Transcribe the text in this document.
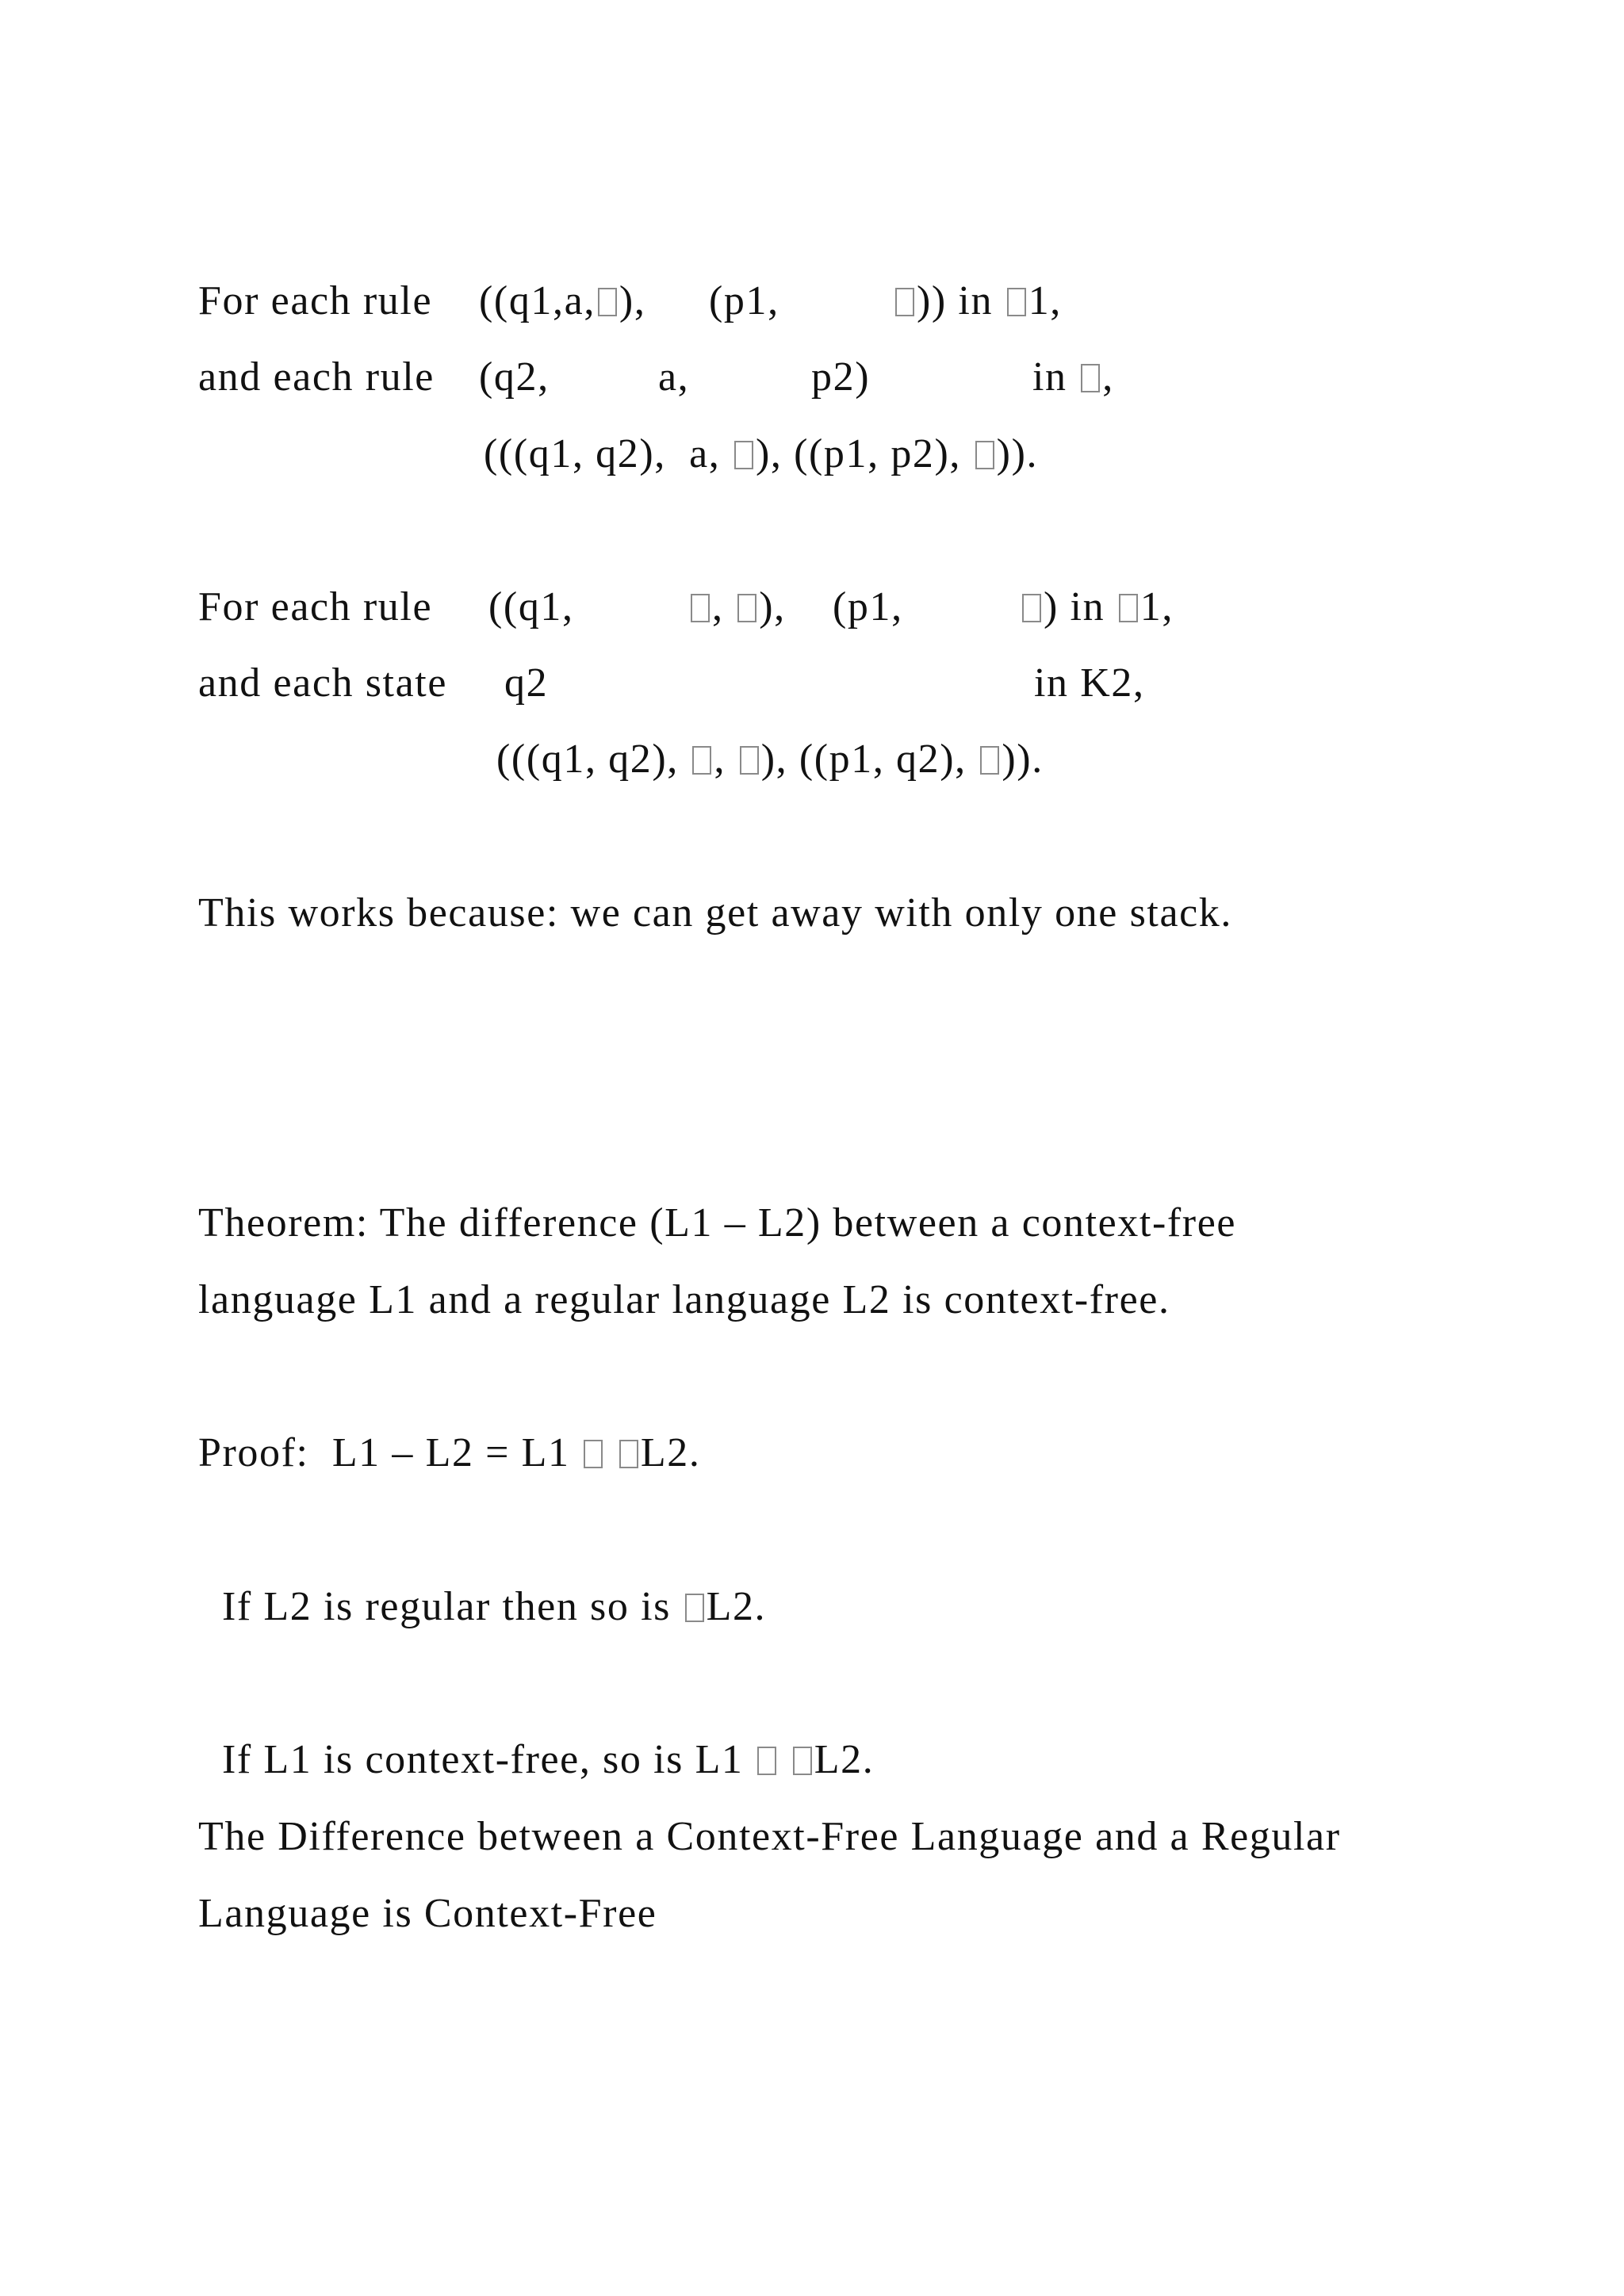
For each rule ((q1,a, ), (p1,	)) in 1,

and each rule (q2,	a,	p2)	in ,

(((q1, q2), a, ), ((p1, p2), )).

For each rule ((q1,	, ), (p1,	) in 1,

and each state q2	in K2,

(((q1, q2), , ), ((p1, q2), )).

This works because: we can get away with only one stack.

Theorem: The difference (L1 – L2) between a context-free

language L1 and a regular language L2 is context-free.

Proof: L1 – L2 = L1 L2.

If L2 is regular then so is L2.

If L1 is context-free, so is L1 L2.

The Difference between a Context-Free Language and a Regular

Language is Context-Free
